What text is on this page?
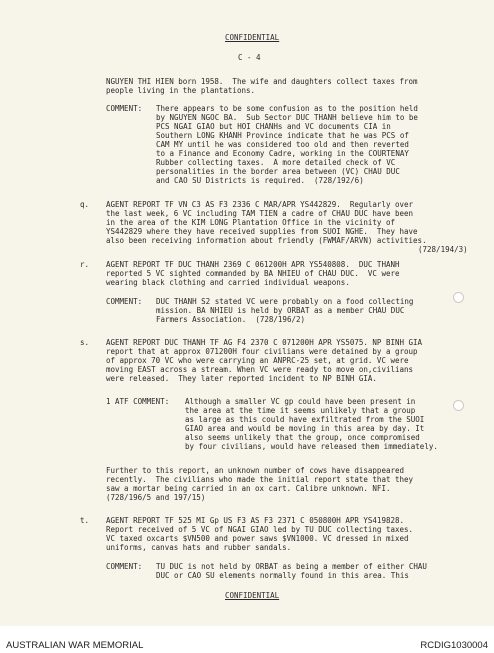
CONFIDENTIAL
C - 4
NGUYEN THI HIEN born 1958.  The wife and daughters collect taxes from
people living in the plantations.
COMMENT: There appears to be some confusion as to the position held
by NGUYEN NGOC BA.  Sub Sector DUC THANH believe him to be
PCS NGAI GIAO but HOI CHANHs and VC documents CIA in
Southern LONG KHANH Province indicate that he was PCS of
CAM MY until he was considered too old and then reverted
to a Finance and Economy Cadre, working in the COURTENAY
Rubber collecting taxes.  A more detailed check of VC
personalities in the border area between (VC) CHAU DUC
and CAO SU Districts is required.  (728/192/6)
q. AGENT REPORT TF VN C3 AS F3 2336 C MAR/APR YS442829.  Regularly over
the last week, 6 VC including TAM TIEN a cadre of CHAU DUC have been
in the area of the KIM LONG Plantation Office in the vicinity of
YS442829 where they have received supplies from SUOI NGHE.  They have
also been receiving information about friendly (FWMAF/ARVN) activities.
(728/194/3)
r. AGENT REPORT TF DUC THANH 2369 C 061200H APR YS540808.  DUC THANH
reported 5 VC sighted commanded by BA NHIEU of CHAU DUC.  VC were
wearing black clothing and carried individual weapons.
COMMENT: DUC THANH S2 stated VC were probably on a food collecting
mission. BA NHIEU is held by ORBAT as a member CHAU DUC
Farmers Association.  (728/196/2)
s. AGENT REPORT DUC THANH TF AG F4 2370 C 071200H APR YS5075. NP BINH GIA
report that at approx 071200H four civilians were detained by a group
of approx 70 VC who were carrying an ANPRC-25 set, at grid. VC were
moving EAST across a stream. When VC were ready to move on,civilians
were released.  They later reported incident to NP BINH GIA.
1 ATF COMMENT: Although a smaller VC gp could have been present in
the area at the time it seems unlikely that a group
as large as this could have exfiltrated from the SUOI
GIAO area and would be moving in this area by day. It
also seems unlikely that the group, once compromised
by four civilians, would have released them immediately.
Further to this report, an unknown number of cows have disappeared
recently.  The civilians who made the initial report state that they
saw a mortar being carried in an ox cart. Calibre unknown. NFI.
(728/196/5 and 197/15)
t. AGENT REPORT TF 525 MI Gp US F3 AS F3 2371 C 050800H APR YS419828.
Report received of 5 VC of NGAI GIAO led by TU DUC collecting taxes.
VC taxed oxcarts $VN500 and power saws $VN1000. VC dressed in mixed
uniforms, canvas hats and rubber sandals.
COMMENT: TU DUC is not held by ORBAT as being a member of either CHAU
DUC or CAO SU elements normally found in this area. This
CONFIDENTIAL
AUSTRALIAN WAR MEMORIAL	RCDIG1030004
